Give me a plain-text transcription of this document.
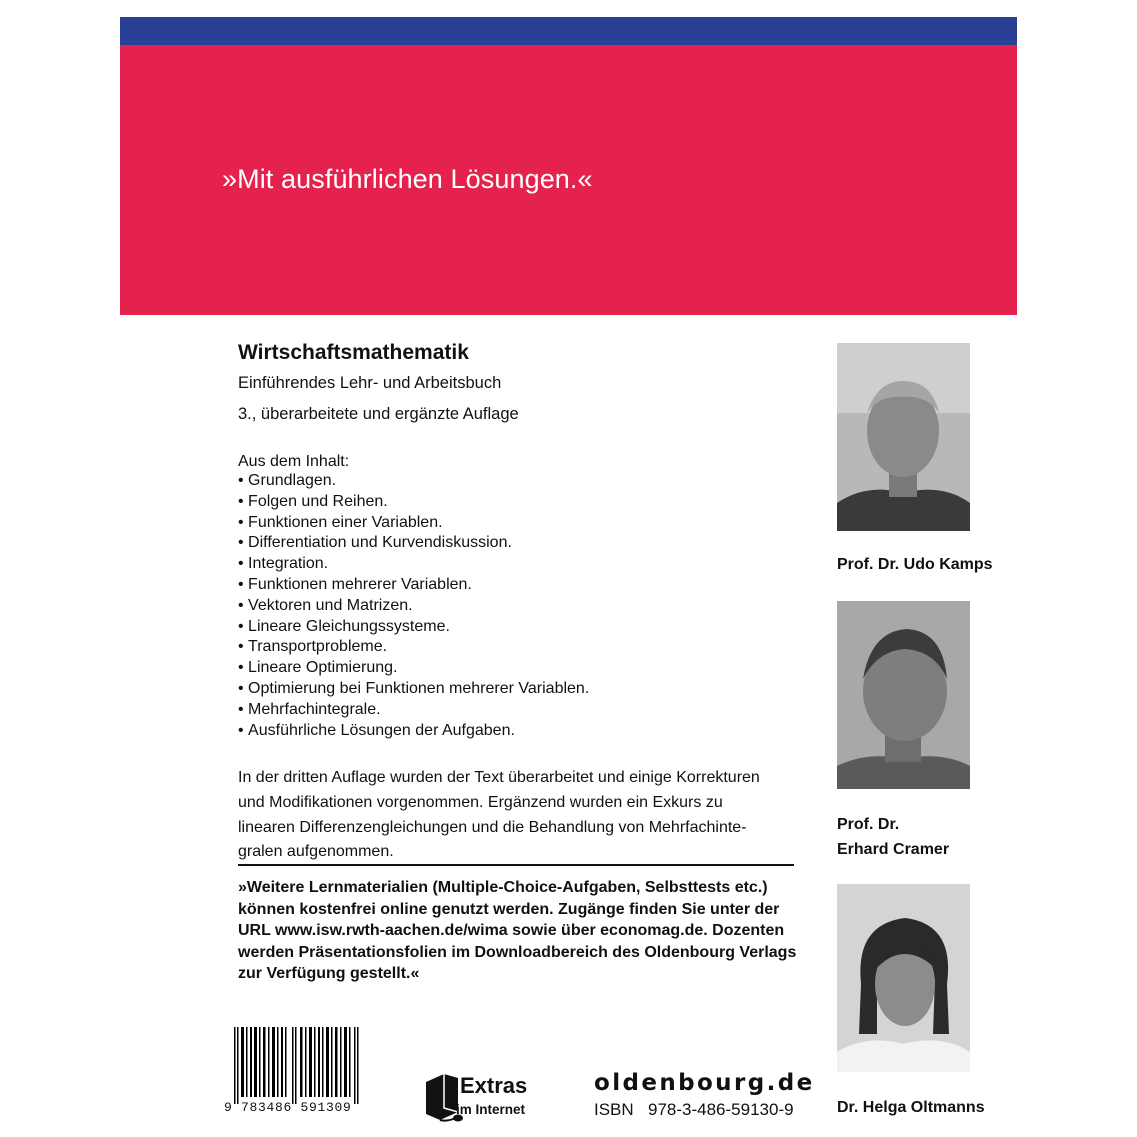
»Mit ausführlichen Lösungen.«
Wirtschaftsmathematik
Einführendes Lehr- und Arbeitsbuch
3., überarbeitete und ergänzte Auflage
Aus dem Inhalt:
• Grundlagen.
• Folgen und Reihen.
• Funktionen einer Variablen.
• Differentiation und Kurvendiskussion.
• Integration.
• Funktionen mehrerer Variablen.
• Vektoren und Matrizen.
• Lineare Gleichungssysteme.
• Transportprobleme.
• Lineare Optimierung.
• Optimierung bei Funktionen mehrerer Variablen.
• Mehrfachintegrale.
• Ausführliche Lösungen der Aufgaben.
In der dritten Auflage wurden der Text überarbeitet und einige Korrekturen
und Modifikationen vorgenommen. Ergänzend wurden ein Exkurs zu
linearen Differenzengleichungen und die Behandlung von Mehrfachinte-
gralen aufgenommen.
»Weitere Lernmaterialien (Multiple-Choice-Aufgaben, Selbsttests etc.)
können kostenfrei online genutzt werden. Zugänge finden Sie unter der
URL www.isw.rwth-aachen.de/wima sowie über economag.de. Dozenten
werden Präsentationsfolien im Downloadbereich des Oldenbourg Verlags
zur Verfügung gestellt.«
Prof. Dr. Udo Kamps
Prof. Dr.
Erhard Cramer
Dr. Helga Oltmanns
9 783486 591309
Extras
im Internet
oldenbourg.de
ISBN 978-3-486-59130-9
